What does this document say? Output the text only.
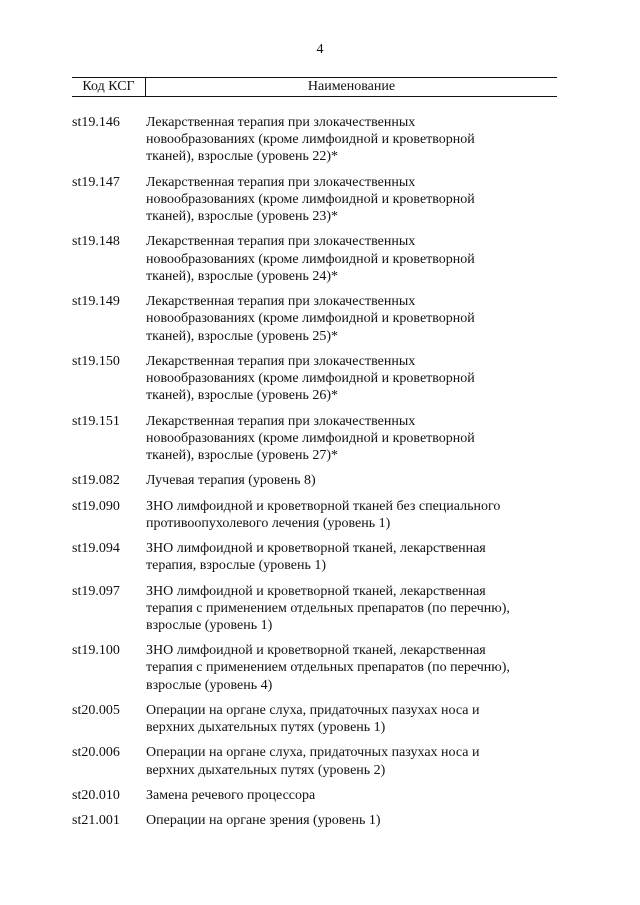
4
Код КСГ	Наименование
st19.146	Лекарственная терапия при злокачественных
новообразованиях (кроме лимфоидной и кроветворной
тканей), взрослые (уровень 22)*
st19.147	Лекарственная терапия при злокачественных
новообразованиях (кроме лимфоидной и кроветворной
тканей), взрослые (уровень 23)*
st19.148	Лекарственная терапия при злокачественных
новообразованиях (кроме лимфоидной и кроветворной
тканей), взрослые (уровень 24)*
st19.149	Лекарственная терапия при злокачественных
новообразованиях (кроме лимфоидной и кроветворной
тканей), взрослые (уровень 25)*
st19.150	Лекарственная терапия при злокачественных
новообразованиях (кроме лимфоидной и кроветворной
тканей), взрослые (уровень 26)*
st19.151	Лекарственная терапия при злокачественных
новообразованиях (кроме лимфоидной и кроветворной
тканей), взрослые (уровень 27)*
st19.082	Лучевая терапия (уровень 8)
st19.090	ЗНО лимфоидной и кроветворной тканей без специального
противоопухолевого лечения (уровень 1)
st19.094	ЗНО лимфоидной и кроветворной тканей, лекарственная
терапия, взрослые (уровень 1)
st19.097	ЗНО лимфоидной и кроветворной тканей, лекарственная
терапия с применением отдельных препаратов (по перечню),
взрослые (уровень 1)
st19.100	ЗНО лимфоидной и кроветворной тканей, лекарственная
терапия с применением отдельных препаратов (по перечню),
взрослые (уровень 4)
st20.005	Операции на органе слуха, придаточных пазухах носа и
верхних дыхательных путях (уровень 1)
st20.006	Операции на органе слуха, придаточных пазухах носа и
верхних дыхательных путях (уровень 2)
st20.010	Замена речевого процессора
st21.001	Операции на органе зрения (уровень 1)
